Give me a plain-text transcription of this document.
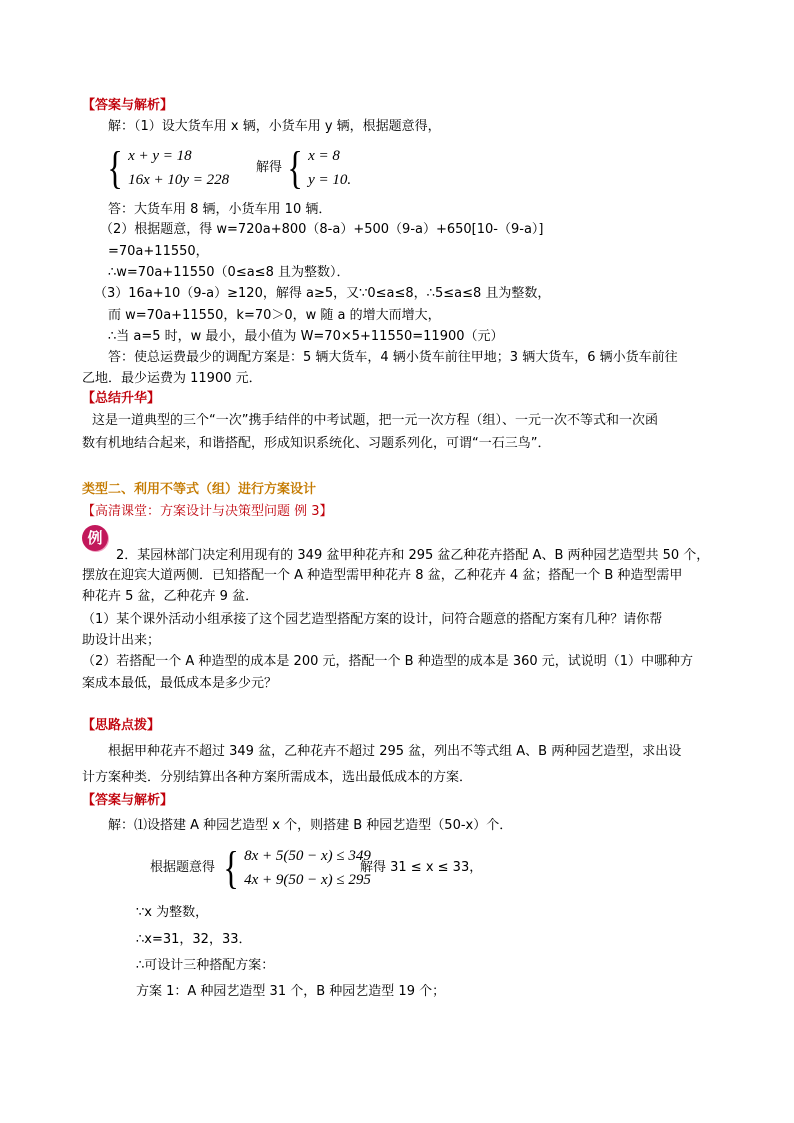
【答案与解析】
解：（1）设大货车用 x 辆，小货车用 y 辆，根据题意得，
{ x + y = 18
16x + 10y = 228
解得 { x = 8
y = 10.
答：大货车用 8 辆，小货车用 10 辆．
（2）根据题意，得 w=720a+800（8-a）+500（9-a）+650[10-（9-a）]
=70a+11550，
∴w=70a+11550（0≤a≤8 且为整数）．
（3）16a+10（9-a）≥120，解得 a≥5，又∵0≤a≤8，∴5≤a≤8 且为整数，
而 w=70a+11550，k=70＞0，w 随 a 的增大而增大，
∴当 a=5 时，w 最小，最小值为 W=70×5+11550=11900（元）
答：使总运费最少的调配方案是：5 辆大货车，4 辆小货车前往甲地；3 辆大货车，6 辆小货车前往
乙地．最少运费为 11900 元．
【总结升华】
这是一道典型的三个“一次”携手结伴的中考试题，把一元一次方程（组）、一元一次不等式和一次函
数有机地结合起来，和谐搭配，形成知识系统化、习题系列化，可谓“一石三鸟”．
类型二、利用不等式（组）进行方案设计
【高清课堂：方案设计与决策型问题 例 3】
例
2．某园林部门决定利用现有的 349 盆甲种花卉和 295 盆乙种花卉搭配 A、B 两种园艺造型共 50 个，
摆放在迎宾大道两侧．已知搭配一个 A 种造型需甲种花卉 8 盆，乙种花卉 4 盆；搭配一个 B 种造型需甲
种花卉 5 盆，乙种花卉 9 盆．
（1）某个课外活动小组承接了这个园艺造型搭配方案的设计，问符合题意的搭配方案有几种？请你帮
助设计出来；
（2）若搭配一个 A 种造型的成本是 200 元，搭配一个 B 种造型的成本是 360 元，试说明（1）中哪种方
案成本最低，最低成本是多少元？
【思路点拨】
根据甲种花卉不超过 349 盆，乙种花卉不超过 295 盆，列出不等式组 A、B 两种园艺造型，求出设
计方案种类．分别结算出各种方案所需成本，选出最低成本的方案．
【答案与解析】
解：⑴设搭建 A 种园艺造型 x 个，则搭建 B 种园艺造型（50-x）个．
根据题意得 { 8x + 5(50 − x) ≤ 349
4x + 9(50 − x) ≤ 295
解得 31 ≤ x ≤ 33，
∵x 为整数，
∴x=31，32，33．
∴可设计三种搭配方案：
方案 1：A 种园艺造型 31 个，B 种园艺造型 19 个；
